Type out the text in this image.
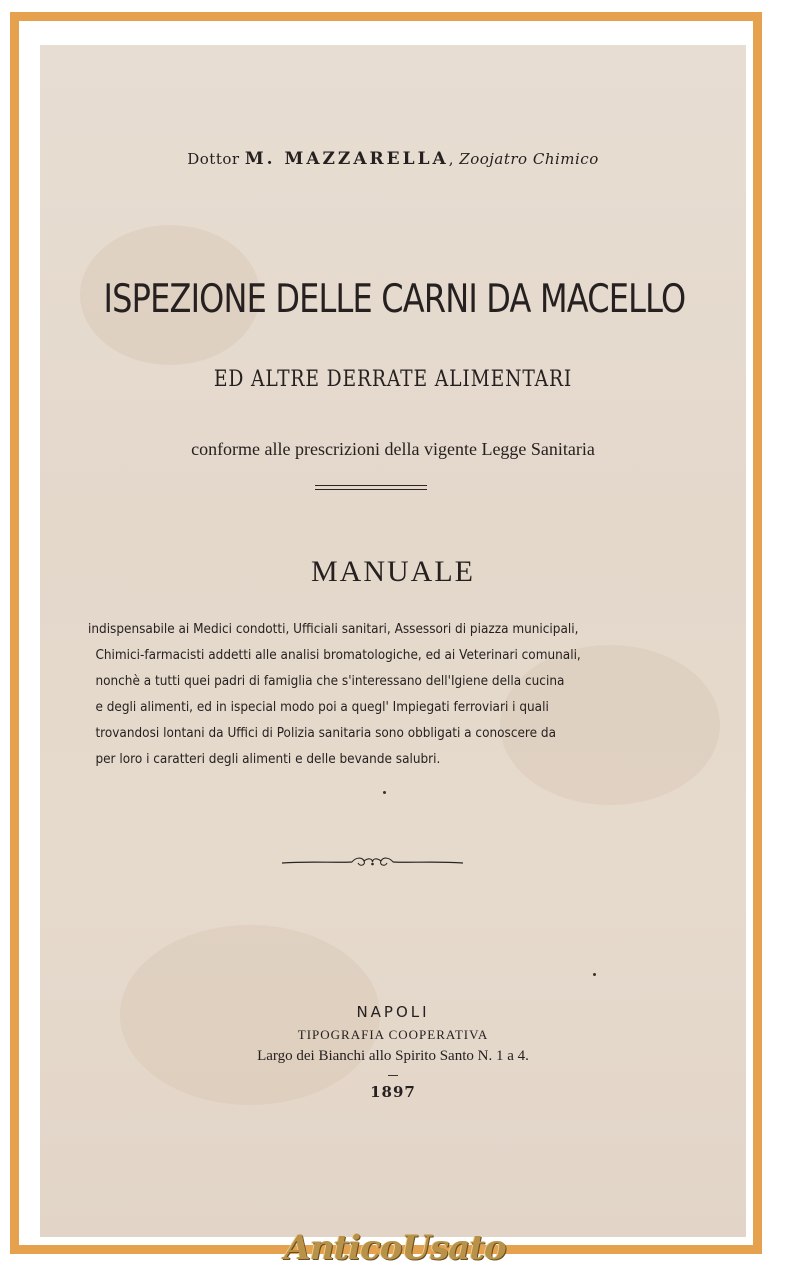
Dottor M. MAZZARELLA, Zoojatro Chimico
ISPEZIONE DELLE CARNI DA MACELLO
ED ALTRE DERRATE ALIMENTARI
conforme alle prescrizioni della vigente Legge Sanitaria
MANUALE
indispensabile ai Medici condotti, Ufficiali sanitari, Assessori di piazza municipali,
Chimici-farmacisti addetti alle analisi bromatologiche, ed ai Veterinari comunali,
nonchè a tutti quei padri di famiglia che s'interessano dell'Igiene della cucina
e degli alimenti, ed in ispecial modo poi a quegl' Impiegati ferroviari i quali
trovandosi lontani da Uffici di Polizia sanitaria sono obbligati a conoscere da
per loro i caratteri degli alimenti e delle bevande salubri.
NAPOLI
TIPOGRAFIA COOPERATIVA
Largo dei Bianchi allo Spirito Santo N. 1 a 4.
1897
AnticoUsato
